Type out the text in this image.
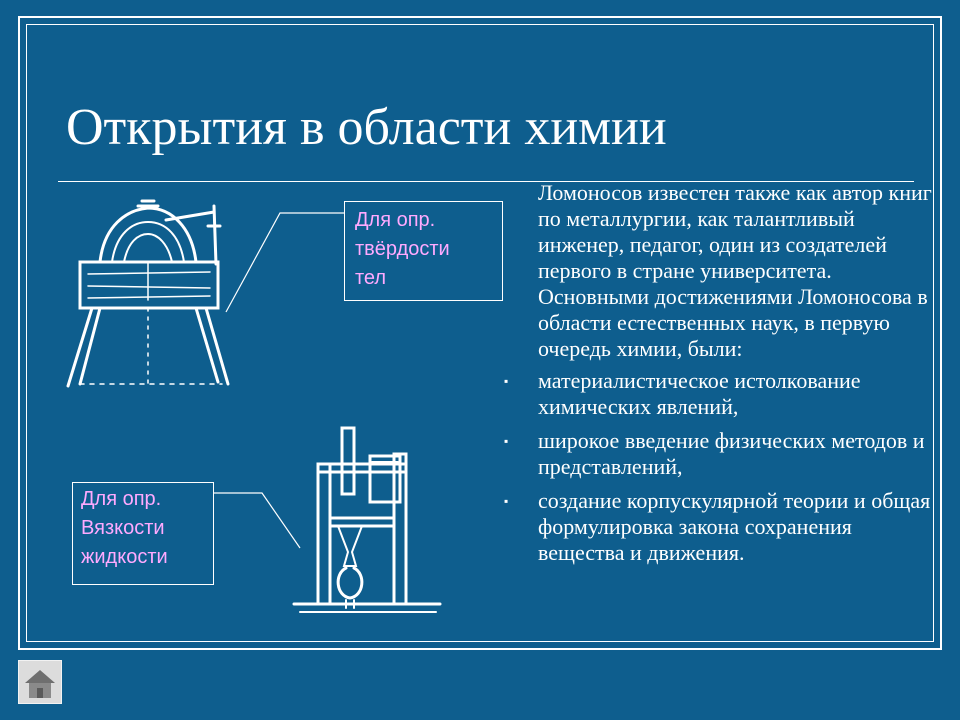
Открытия в области химии

Ломоносов известен также как автор книг по металлургии, как талантливый инженер, педагог, один из создателей первого в стране университета. Основными достижениями Ломоносова в области естественных наук, в первую очередь химии, были:

▪ материалистическое истолкование химических явлений,
▪ широкое введение физических методов и представлений,
▪ создание корпускулярной теории и общая формулировка закона сохранения вещества и движения.
Для опр.
твёрдости
тел
Для опр.
Вязкости
жидкости
